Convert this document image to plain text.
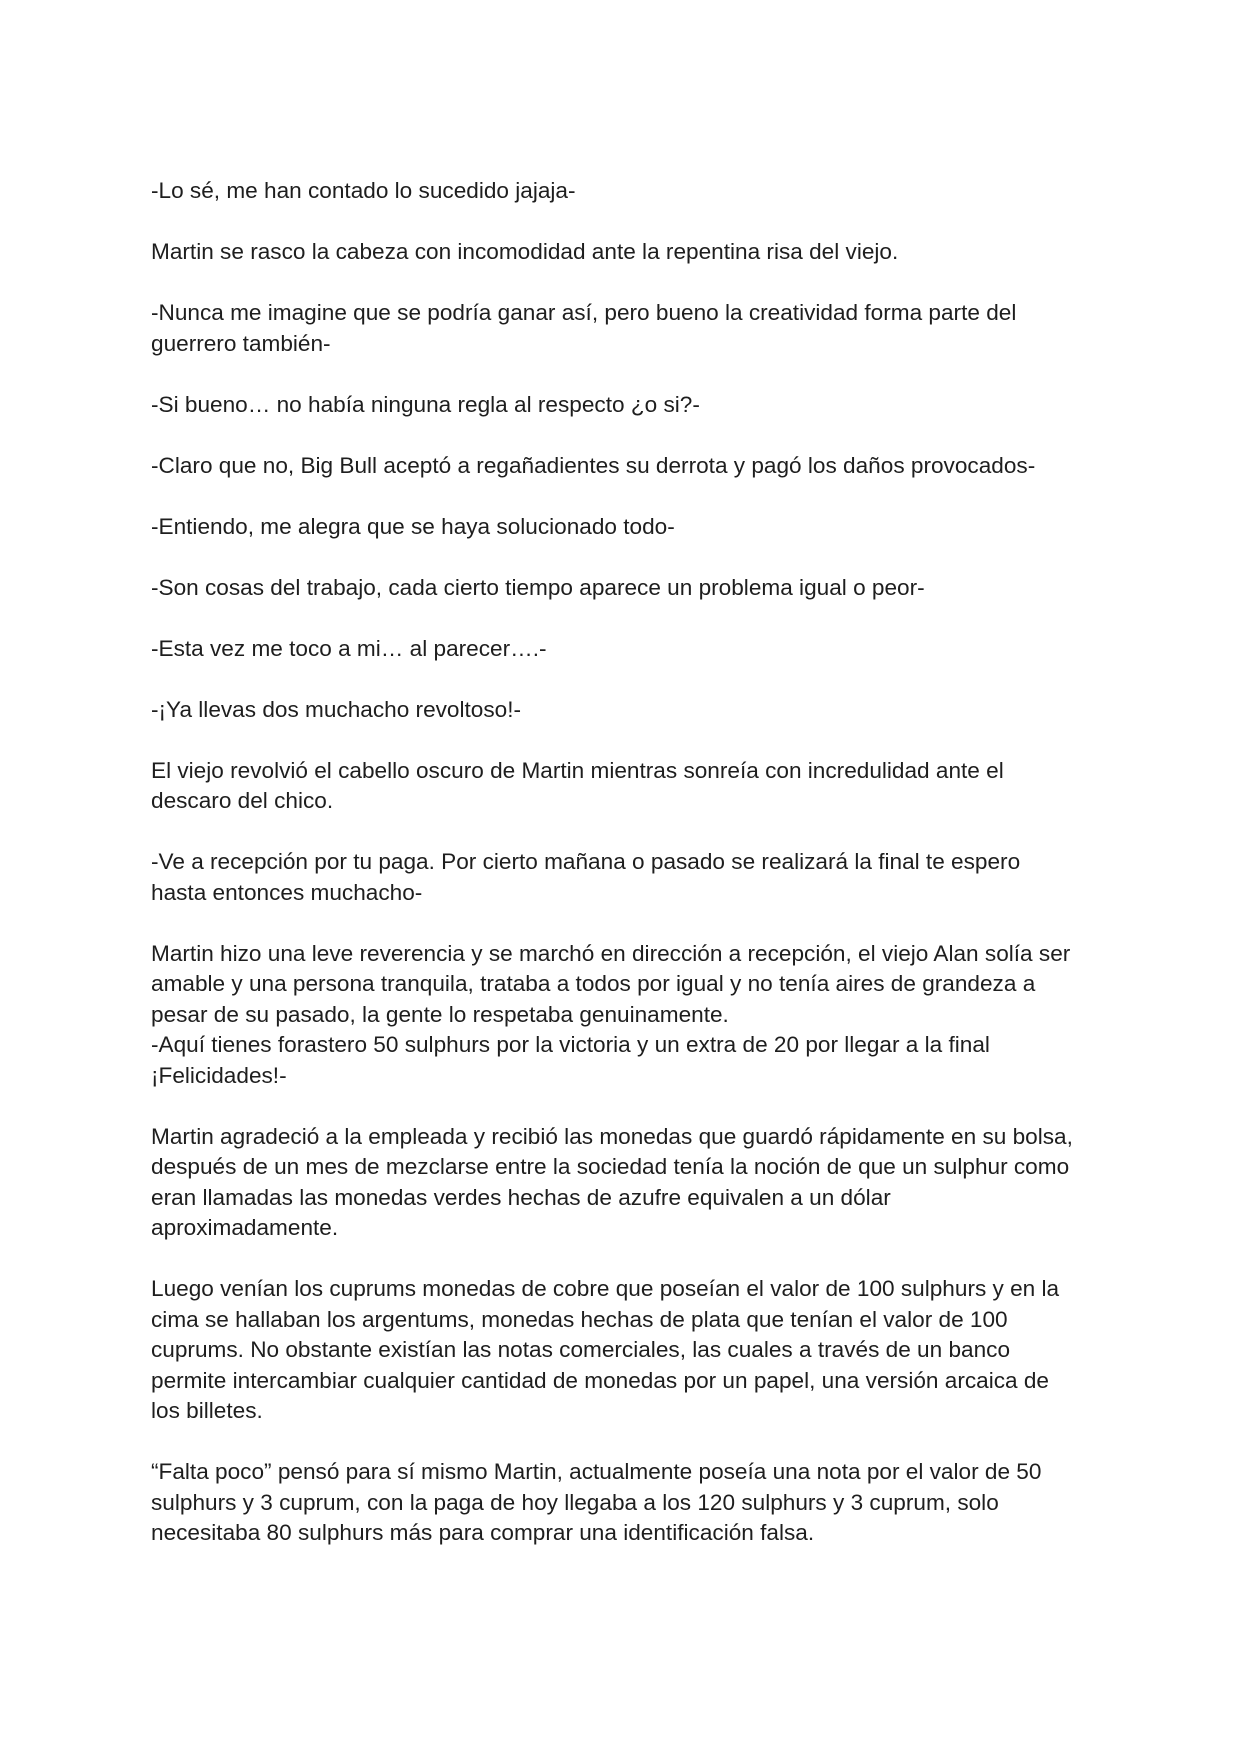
-Lo sé, me han contado lo sucedido jajaja-

Martin se rasco la cabeza con incomodidad ante la repentina risa del viejo.

-Nunca me imagine que se podría ganar así, pero bueno la creatividad forma parte del
guerrero también-

-Si bueno… no había ninguna regla al respecto ¿o si?-

-Claro que no, Big Bull aceptó a regañadientes su derrota y pagó los daños provocados-

-Entiendo, me alegra que se haya solucionado todo-

-Son cosas del trabajo, cada cierto tiempo aparece un problema igual o peor-

-Esta vez me toco a mi… al parecer….-

-¡Ya llevas dos muchacho revoltoso!-

El viejo revolvió el cabello oscuro de Martin mientras sonreía con incredulidad ante el
descaro del chico.

-Ve a recepción por tu paga. Por cierto mañana o pasado se realizará la final te espero
hasta entonces muchacho-

Martin hizo una leve reverencia y se marchó en dirección a recepción, el viejo Alan solía ser
amable y una persona tranquila, trataba a todos por igual y no tenía aires de grandeza a
pesar de su pasado, la gente lo respetaba genuinamente.

-Aquí tienes forastero 50 sulphurs por la victoria y un extra de 20 por llegar a la final
¡Felicidades!-

Martin agradeció a la empleada y recibió las monedas que guardó rápidamente en su bolsa,
después de un mes de mezclarse entre la sociedad tenía la noción de que un sulphur como
eran llamadas las monedas verdes hechas de azufre equivalen a un dólar
aproximadamente.

Luego venían los cuprums monedas de cobre que poseían el valor de 100 sulphurs y en la
cima se hallaban los argentums, monedas hechas de plata que tenían el valor de 100
cuprums. No obstante existían las notas comerciales, las cuales a través de un banco
permite intercambiar cualquier cantidad de monedas por un papel, una versión arcaica de
los billetes.

“Falta poco” pensó para sí mismo Martin, actualmente poseía una nota por el valor de 50
sulphurs y 3 cuprum, con la paga de hoy llegaba a los 120 sulphurs y 3 cuprum, solo
necesitaba 80 sulphurs más para comprar una identificación falsa.
